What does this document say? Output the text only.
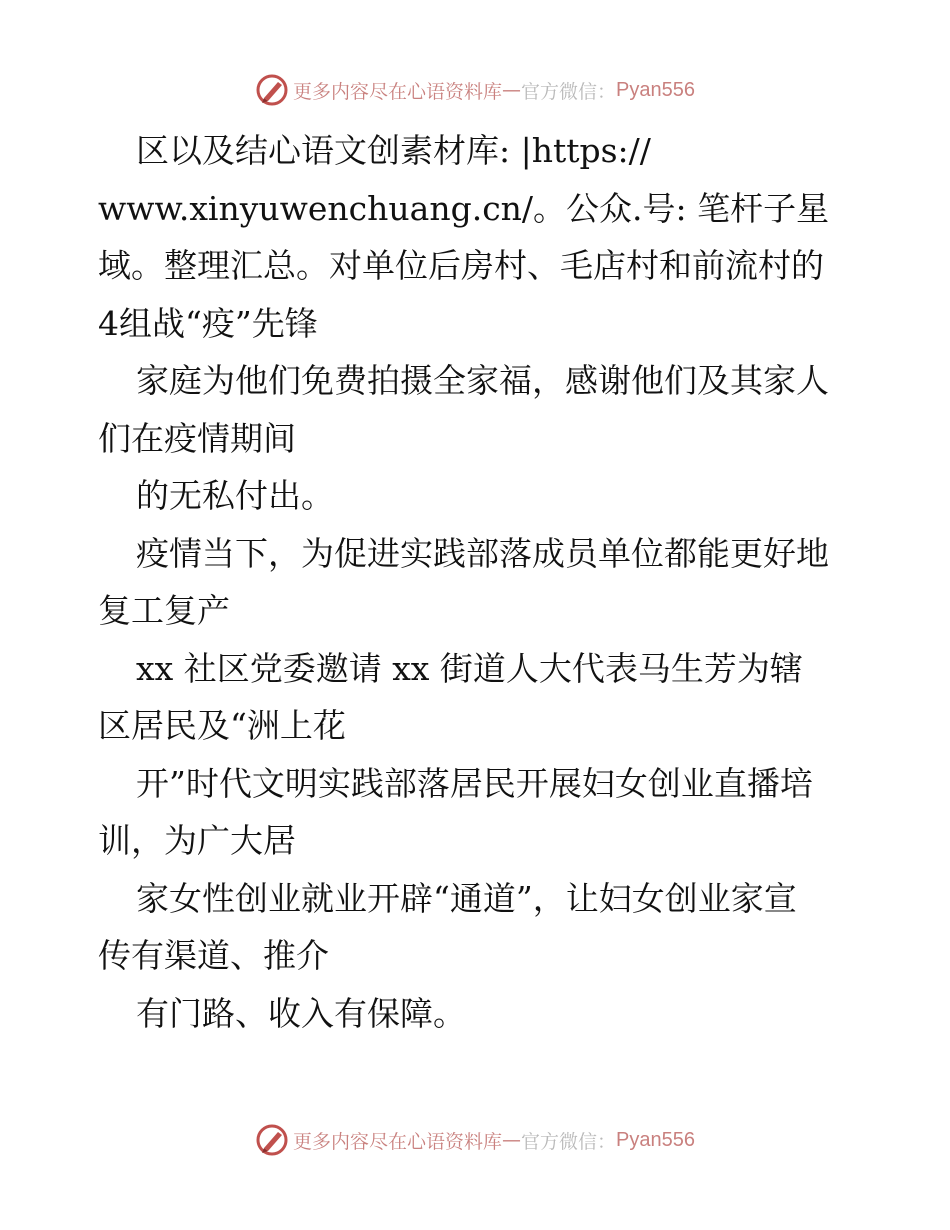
更多内容尽在心语资料库 — 官方微信： Pyan556
区以及结心语文创素材库: |https://
www.xinyuwenchuang.cn/。公众.号: 笔杆子星
域。整理汇总。对单位后房村、毛店村和前流村的
4组战“疫”先锋
家庭为他们免费拍摄全家福，感谢他们及其家人
们在疫情期间
的无私付出。
疫情当下，为促进实践部落成员单位都能更好地
复工复产
xx 社区党委邀请 xx 街道人大代表马生芳为辖
区居民及“洲上花
开”时代文明实践部落居民开展妇女创业直播培
训，为广大居
家女性创业就业开辟“通道”，让妇女创业家宣
传有渠道、推介
有门路、收入有保障。
更多内容尽在心语资料库 — 官方微信： Pyan556
